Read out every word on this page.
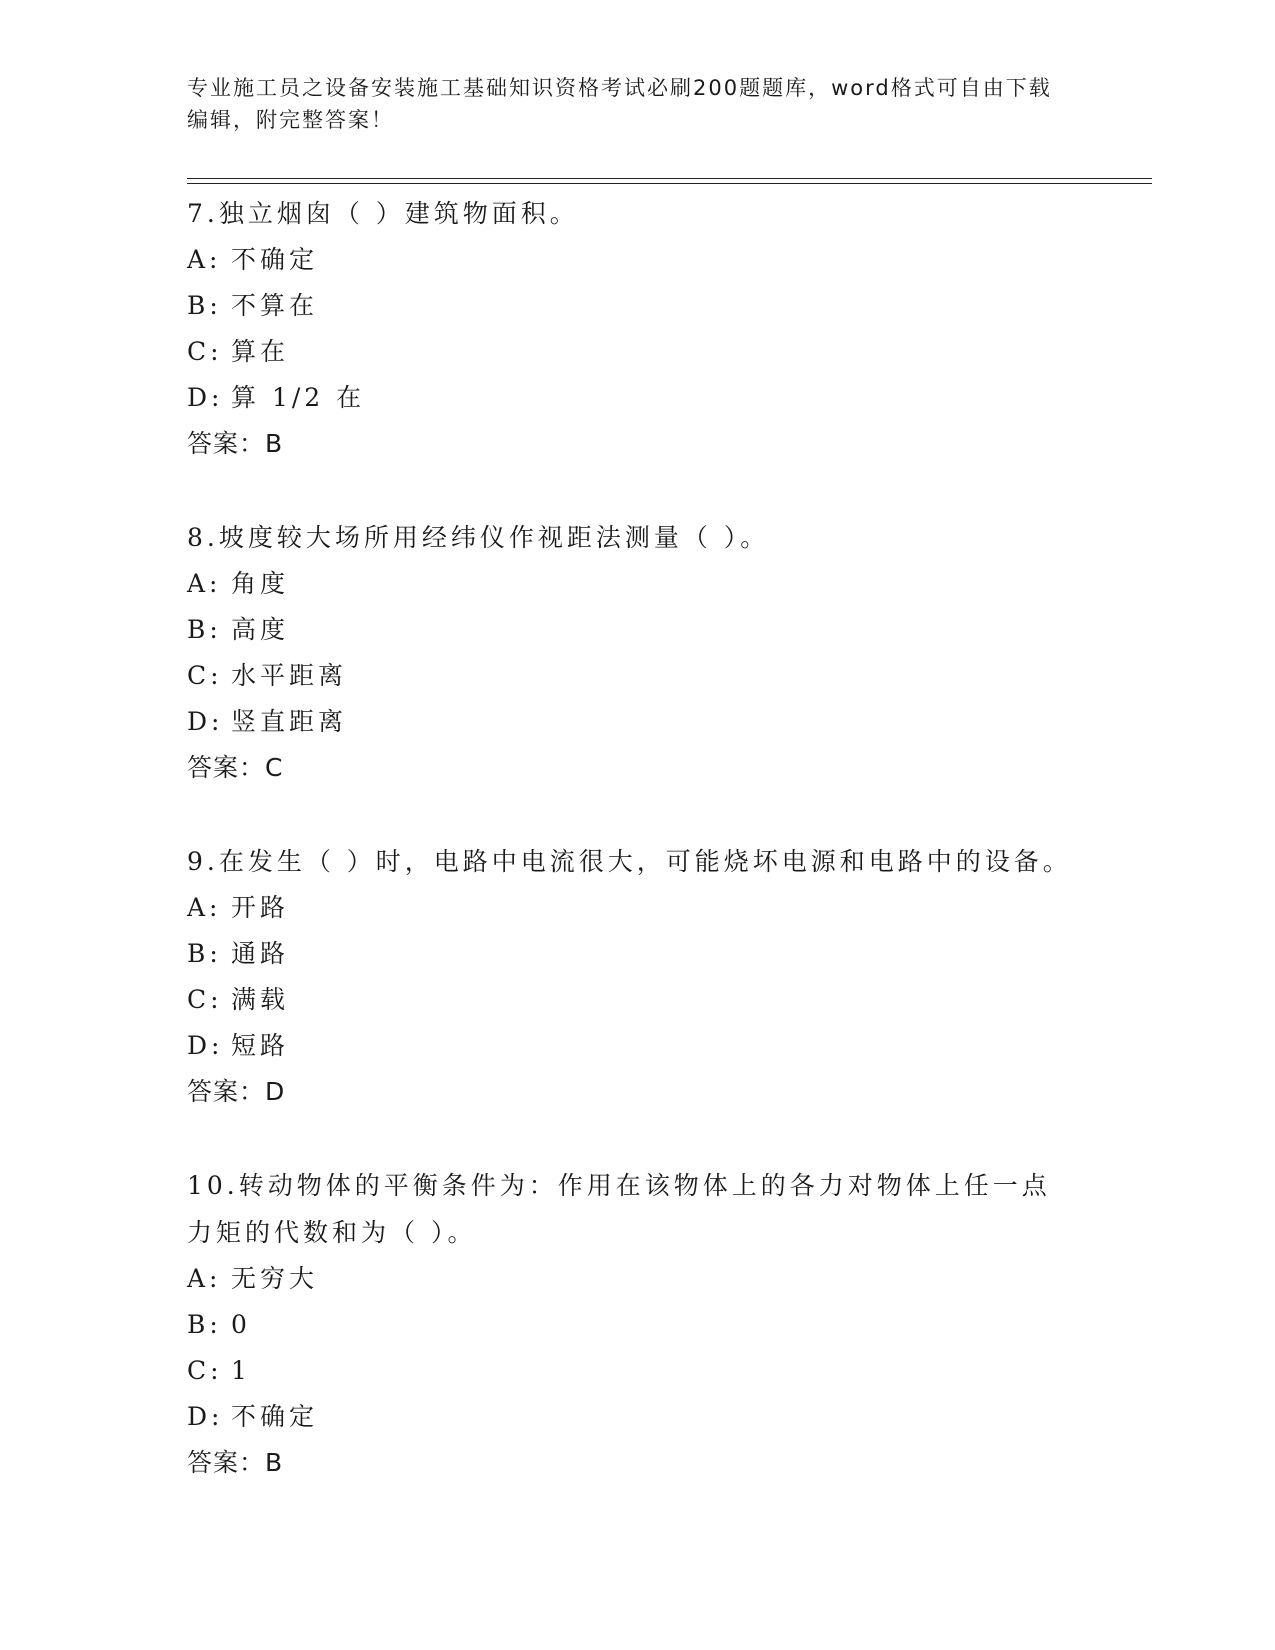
专业施工员之设备安装施工基础知识资格考试必刷200题题库，word格式可自由下载编辑，附完整答案！

7.独立烟囱（ ）建筑物面积。

A: 不确定
B: 不算在
C: 算在
D: 算 1/2 在
答案：B

8.坡度较大场所用经纬仪作视距法测量（ ）。

A: 角度
B: 高度
C: 水平距离
D: 竖直距离
答案：C

9.在发生（ ）时，电路中电流很大，可能烧坏电源和电路中的设备。

A: 开路
B: 通路
C: 满载
D: 短路
答案：D

10.转动物体的平衡条件为：作用在该物体上的各力对物体上任一点力矩的代数和为（ ）。

A: 无穷大
B: 0
C: 1
D: 不确定
答案：B
